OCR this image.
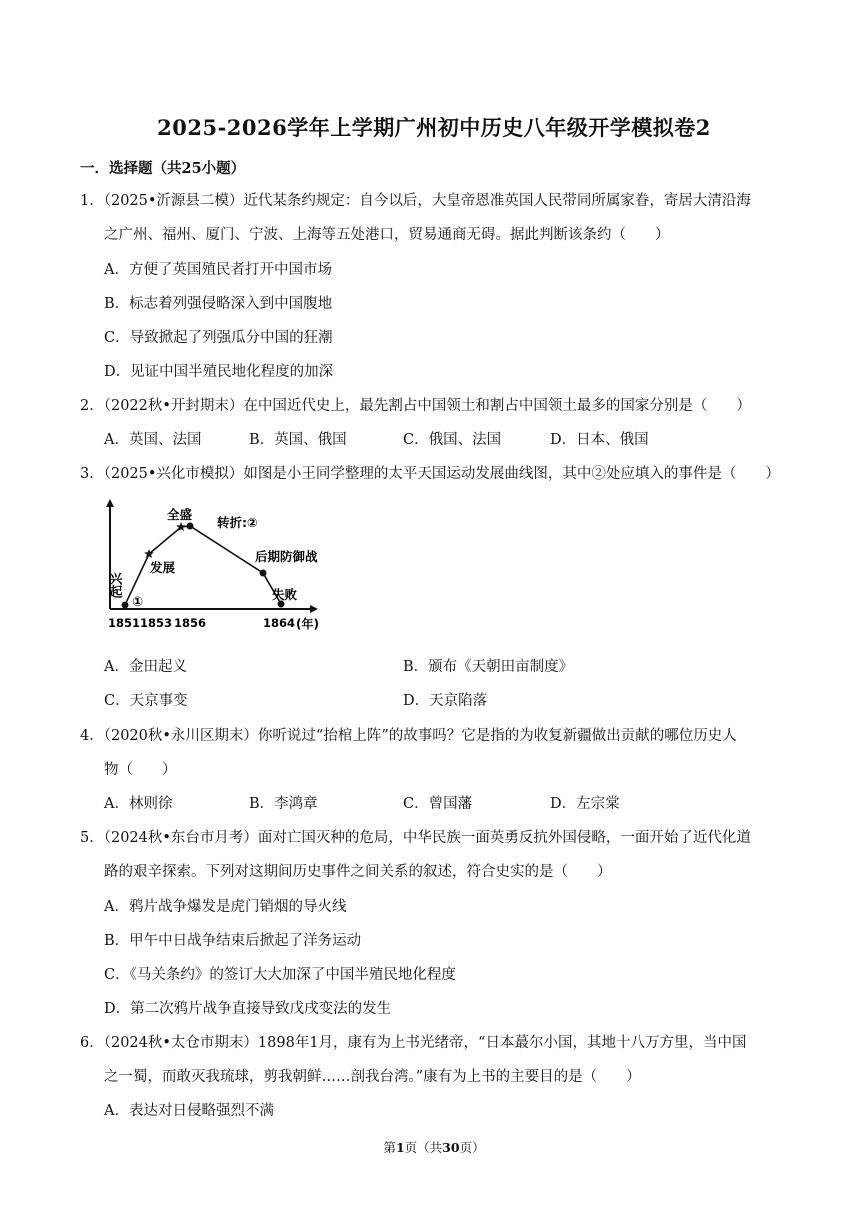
2025-2026学年上学期广州初中历史八年级开学模拟卷2
一．选择题（共25小题）
1．（2025•沂源县二模）近代某条约规定：自今以后，大皇帝恩准英国人民带同所属家眷，寄居大清沿海
之广州、福州、厦门、宁波、上海等五处港口，贸易通商无碍。据此判断该条约（　　）
A．方便了英国殖民者打开中国市场
B．标志着列强侵略深入到中国腹地
C．导致掀起了列强瓜分中国的狂潮
D．见证中国半殖民地化程度的加深
2．（2022秋•开封期末）在中国近代史上，最先割占中国领土和割占中国领土最多的国家分别是（　　）
A．英国、法国	B．英国、俄国	C．俄国、法国	D．日本、俄国
3．（2025•兴化市模拟）如图是小王同学整理的太平天国运动发展曲线图，其中②处应填入的事件是（　　）
兴起
①
发展
全盛
转折:②
后期防御战
失败
1851 1853 1856	1864 (年)
A．金田起义	B．颁布《天朝田亩制度》
C．天京事变	D．天京陷落
4．（2020秋•永川区期末）你听说过“抬棺上阵”的故事吗？它是指的为收复新疆做出贡献的哪位历史人
物（　　）
A．林则徐	B．李鸿章	C．曾国藩	D．左宗棠
5．（2024秋•东台市月考）面对亡国灭种的危局，中华民族一面英勇反抗外国侵略，一面开始了近代化道
路的艰辛探索。下列对这期间历史事件之间关系的叙述，符合史实的是（　　）
A．鸦片战争爆发是虎门销烟的导火线
B．甲午中日战争结束后掀起了洋务运动
C．《马关条约》的签订大大加深了中国半殖民地化程度
D．第二次鸦片战争直接导致戊戌变法的发生
6．（2024秋•太仓市期末）1898年1月，康有为上书光绪帝，“日本蕞尔小国，其地十八万方里，当中国
之一蜀，而敢灭我琉球，剪我朝鲜……剖我台湾。”康有为上书的主要目的是（　　）
A．表达对日侵略强烈不满
第1页（共30页）
